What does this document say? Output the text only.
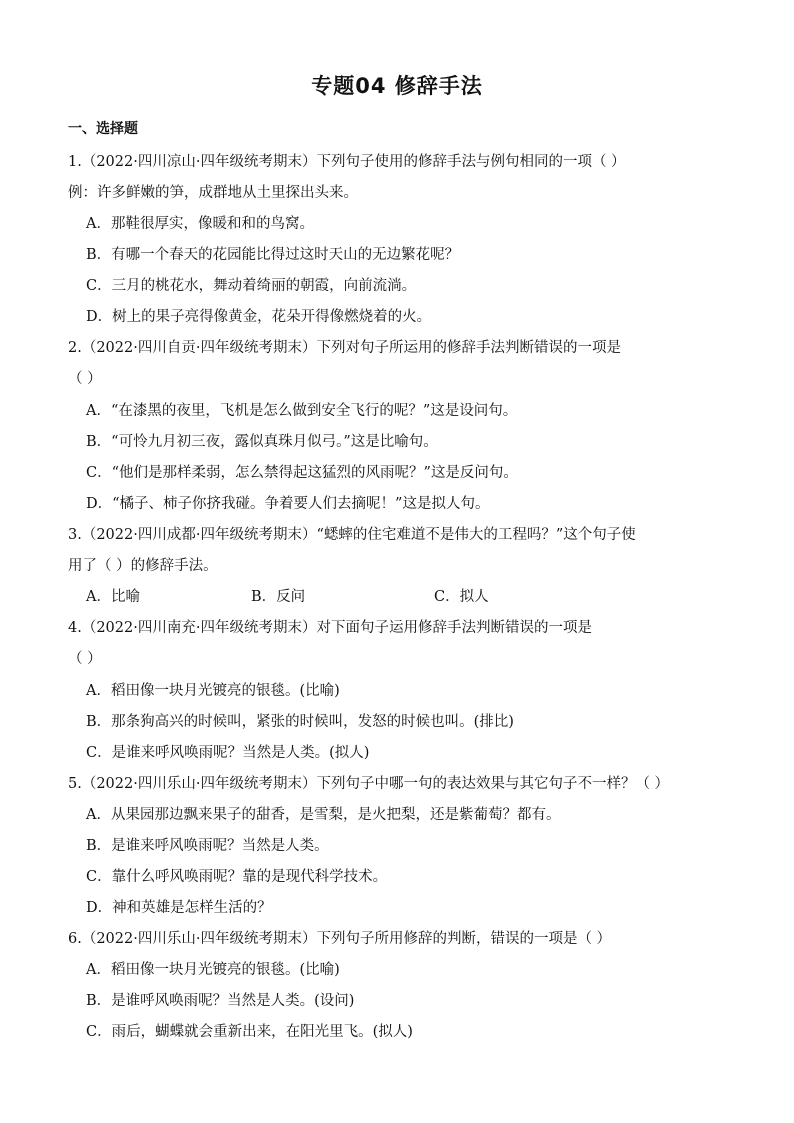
专题04 修辞手法
一、选择题
1.（2022·四川凉山·四年级统考期末）下列句子使用的修辞手法与例句相同的一项（ ）
例：许多鲜嫩的笋，成群地从土里探出头来。
A．那鞋很厚实，像暖和和的鸟窝。
B．有哪一个春天的花园能比得过这时天山的无边繁花呢？
C．三月的桃花水，舞动着绮丽的朝霞，向前流淌。
D．树上的果子亮得像黄金，花朵开得像燃烧着的火。
2.（2022·四川自贡·四年级统考期末）下列对句子所运用的修辞手法判断错误的一项是
（ ）
A．“在漆黑的夜里，飞机是怎么做到安全飞行的呢？”这是设问句。
B．“可怜九月初三夜，露似真珠月似弓。”这是比喻句。
C．“他们是那样柔弱，怎么禁得起这猛烈的风雨呢？”这是反问句。
D．“橘子、柿子你挤我碰。争着要人们去摘呢！”这是拟人句。
3.（2022·四川成都·四年级统考期末）“蟋蟀的住宅难道不是伟大的工程吗？”这个句子使
用了（ ）的修辞手法。
A．比喻	B．反问	C．拟人
4.（2022·四川南充·四年级统考期末）对下面句子运用修辞手法判断错误的一项是
（ ）
A．稻田像一块月光镀亮的银毯。(比喻)
B．那条狗高兴的时候叫，紧张的时候叫，发怒的时候也叫。(排比)
C．是谁来呼风唤雨呢？当然是人类。(拟人)
5.（2022·四川乐山·四年级统考期末）下列句子中哪一句的表达效果与其它句子不一样？（ ）
A．从果园那边飘来果子的甜香，是雪梨，是火把梨，还是紫葡萄？都有。
B．是谁来呼风唤雨呢？当然是人类。
C．靠什么呼风唤雨呢？靠的是现代科学技术。
D．神和英雄是怎样生活的？
6.（2022·四川乐山·四年级统考期末）下列句子所用修辞的判断，错误的一项是（ ）
A．稻田像一块月光镀亮的银毯。(比喻)
B．是谁呼风唤雨呢？当然是人类。(设问)
C．雨后，蝴蝶就会重新出来，在阳光里飞。(拟人)
